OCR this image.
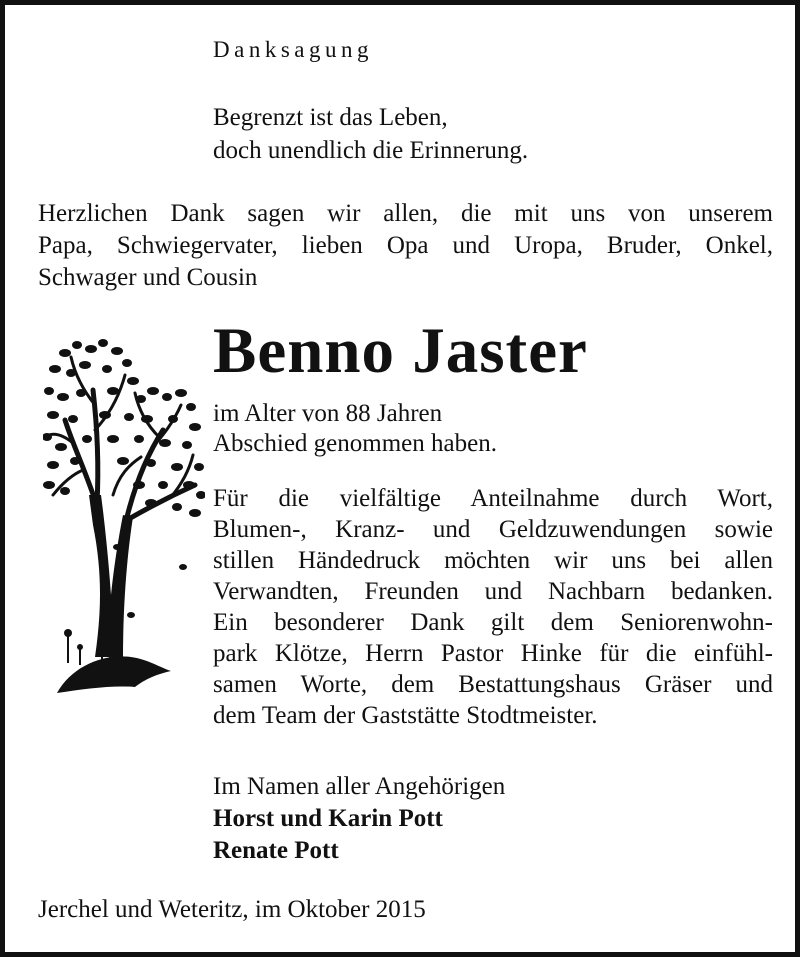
Danksagung
Begrenzt ist das Leben,
doch unendlich die Erinnerung.

Herzlichen Dank sagen wir allen, die mit uns von unserem

Papa, Schwiegervater, lieben Opa und Uropa, Bruder, Onkel,

Schwager und Cousin

Benno Jaster
im Alter von 88 Jahren
Abschied genommen haben.

Für die vielfältige Anteilnahme durch Wort,

Blumen-, Kranz- und Geldzuwendungen sowie

stillen Händedruck möchten wir uns bei allen

Verwandten, Freunden und Nachbarn bedanken.

Ein besonderer Dank gilt dem Seniorenwohn-

park Klötze, Herrn Pastor Hinke für die einfühl-

samen Worte, dem Bestattungshaus Gräser und

dem Team der Gaststätte Stodtmeister.

Im Namen aller Angehörigen
Horst und Karin Pott
Renate Pott
Jerchel und Weteritz, im Oktober 2015
